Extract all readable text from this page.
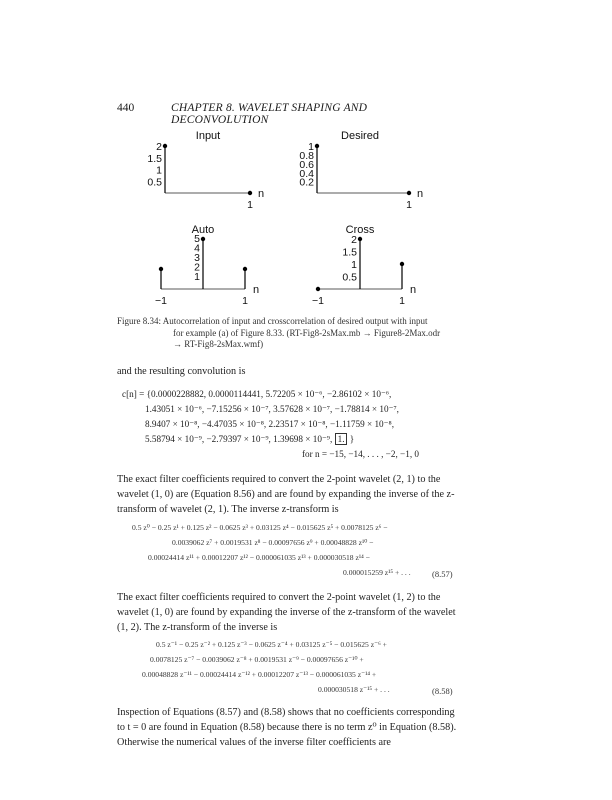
440	CHAPTER 8. WAVELET SHAPING AND DECONVOLUTION
Input
2
1.5
1
0.5
n
1
Desired
1
0.8
0.6
0.4
0.2
n
1
Auto
5
4
3
2
1
n
−1	1
Cross
2
1.5
1
0.5
n
−1	1
Figure 8.34: Autocorrelation of input and crosscorrelation of desired output with input
for example (a) of Figure 8.33. (RT-Fig8-2sMax.mb → Figure8-2Max.odr
→ RT-Fig8-2sMax.wmf)
and the resulting convolution is
c[n] = {0.0000228882, 0.0000114441, 5.72205 × 10⁻⁶, −2.86102 × 10⁻⁶,
1.43051 × 10⁻⁶, −7.15256 × 10⁻⁷, 3.57628 × 10⁻⁷, −1.78814 × 10⁻⁷,
8.9407 × 10⁻⁸, −4.47035 × 10⁻⁸, 2.23517 × 10⁻⁸, −1.11759 × 10⁻⁸,
5.58794 × 10⁻⁹, −2.79397 × 10⁻⁹, 1.39698 × 10⁻⁹, 1. }
for n = −15, −14, . . . , −2, −1, 0
The exact filter coefficients required to convert the 2-point wavelet (2, 1) to the wavelet (1, 0) are (Equation 8.56) and are found by expanding the inverse of the z-transform of wavelet (2, 1). The inverse z-transform is
0.5 z⁰ − 0.25 z¹ + 0.125 z² − 0.0625 z³ + 0.03125 z⁴ − 0.015625 z⁵ + 0.0078125 z⁶ −
0.0039062 z⁷ + 0.0019531 z⁸ − 0.00097656 z⁹ + 0.00048828 z¹⁰ −
0.00024414 z¹¹ + 0.00012207 z¹² − 0.000061035 z¹³ + 0.000030518 z¹⁴ −
0.000015259 z¹⁵ + . . .	(8.57)
The exact filter coefficients required to convert the 2-point wavelet (1, 2) to the wavelet (1, 0) are found by expanding the inverse of the z-transform of the wavelet (1, 2). The z-transform of the inverse is
0.5 z⁻¹ − 0.25 z⁻² + 0.125 z⁻³ − 0.0625 z⁻⁴ + 0.03125 z⁻⁵ − 0.015625 z⁻⁶ +
0.0078125 z⁻⁷ − 0.0039062 z⁻⁸ + 0.0019531 z⁻⁹ − 0.00097656 z⁻¹⁰ +
0.00048828 z⁻¹¹ − 0.00024414 z⁻¹² + 0.00012207 z⁻¹³ − 0.000061035 z⁻¹⁴ +
0.000030518 z⁻¹⁵ + . . .	(8.58)
Inspection of Equations (8.57) and (8.58) shows that no coefficients corresponding to t = 0 are found in Equation (8.58) because there is no term z⁰ in Equation (8.58). Otherwise the numerical values of the inverse filter coefficients are
